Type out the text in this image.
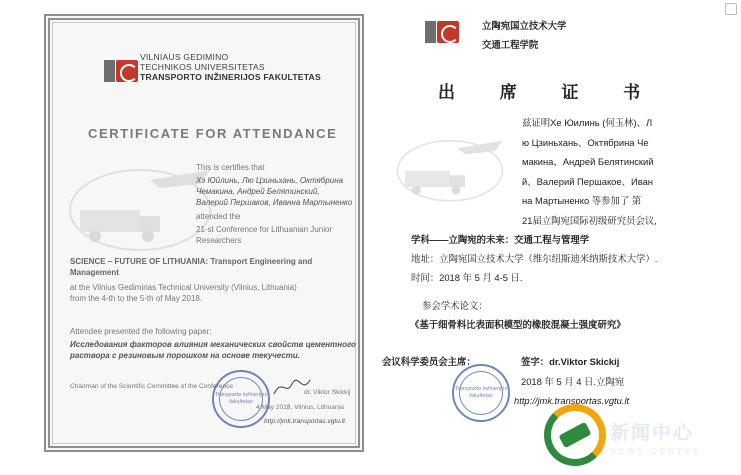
VILNIAUS GEDIMINO
TECHNIKOS UNIVERSITETAS
TRANSPORTO INŽINERIJOS FAKULTETAS
CERTIFICATE FOR ATTENDANCE
This is certifies that
Хэ Юйлинь, Лю Цзиньхань, Октябрина
Чемакина, Андрей Белятинский,
Валерий Першаков, Иванна Мартыненко
attended the
21-st Conference for Lithuanian Junior
Researchers
SCIENCE – FUTURE OF LITHUANIA: Transport Engineering and
Management
at the Vilnius Gediminas Technical University (Vilnius, Lithuania)
from the 4-th to the 5-th of May 2018.
Attendee presented the following paper:
Исследования факторов влияния механических свойств цементного
раствора с резиновым порошком на основе текучести.
Chairman of the Scientific Committee of the Conference
Transporto inžinerijos fakultetas
dr. Viktor Skickij
4 May 2018, Vilnius, Lithuania
http://jmk.transportas.vgtu.lt
立陶宛国立技术大学
交通工程学院
出 席 证 书
兹证明Хе Юилинь (何玉林)、Л
ю Цзиньхань、Октябрина Че
макина、Андрей Белятинский
й、Валерий Першакое、Иван
на Мартыненко 等参加了 第
21届立陶宛国际初级研究员会议,
学科——立陶宛的未来：交通工程与管理学
地址：立陶宛国立技术大学（维尔纽斯迪米纳斯技术大学）.
时间：2018 年 5 月 4-5 日.
参会学术论文：
《基于细骨料比表面积模型的橡胶混凝土强度研究》
会议科学委员会主席：	签字：dr.Viktor Skickij
Transporto inžinerijos fakultetas
2018 年 5 月 4 日.立陶宛
http://jmk.transportas.vgtu.lt
新闻中心
NEWS CENTER
